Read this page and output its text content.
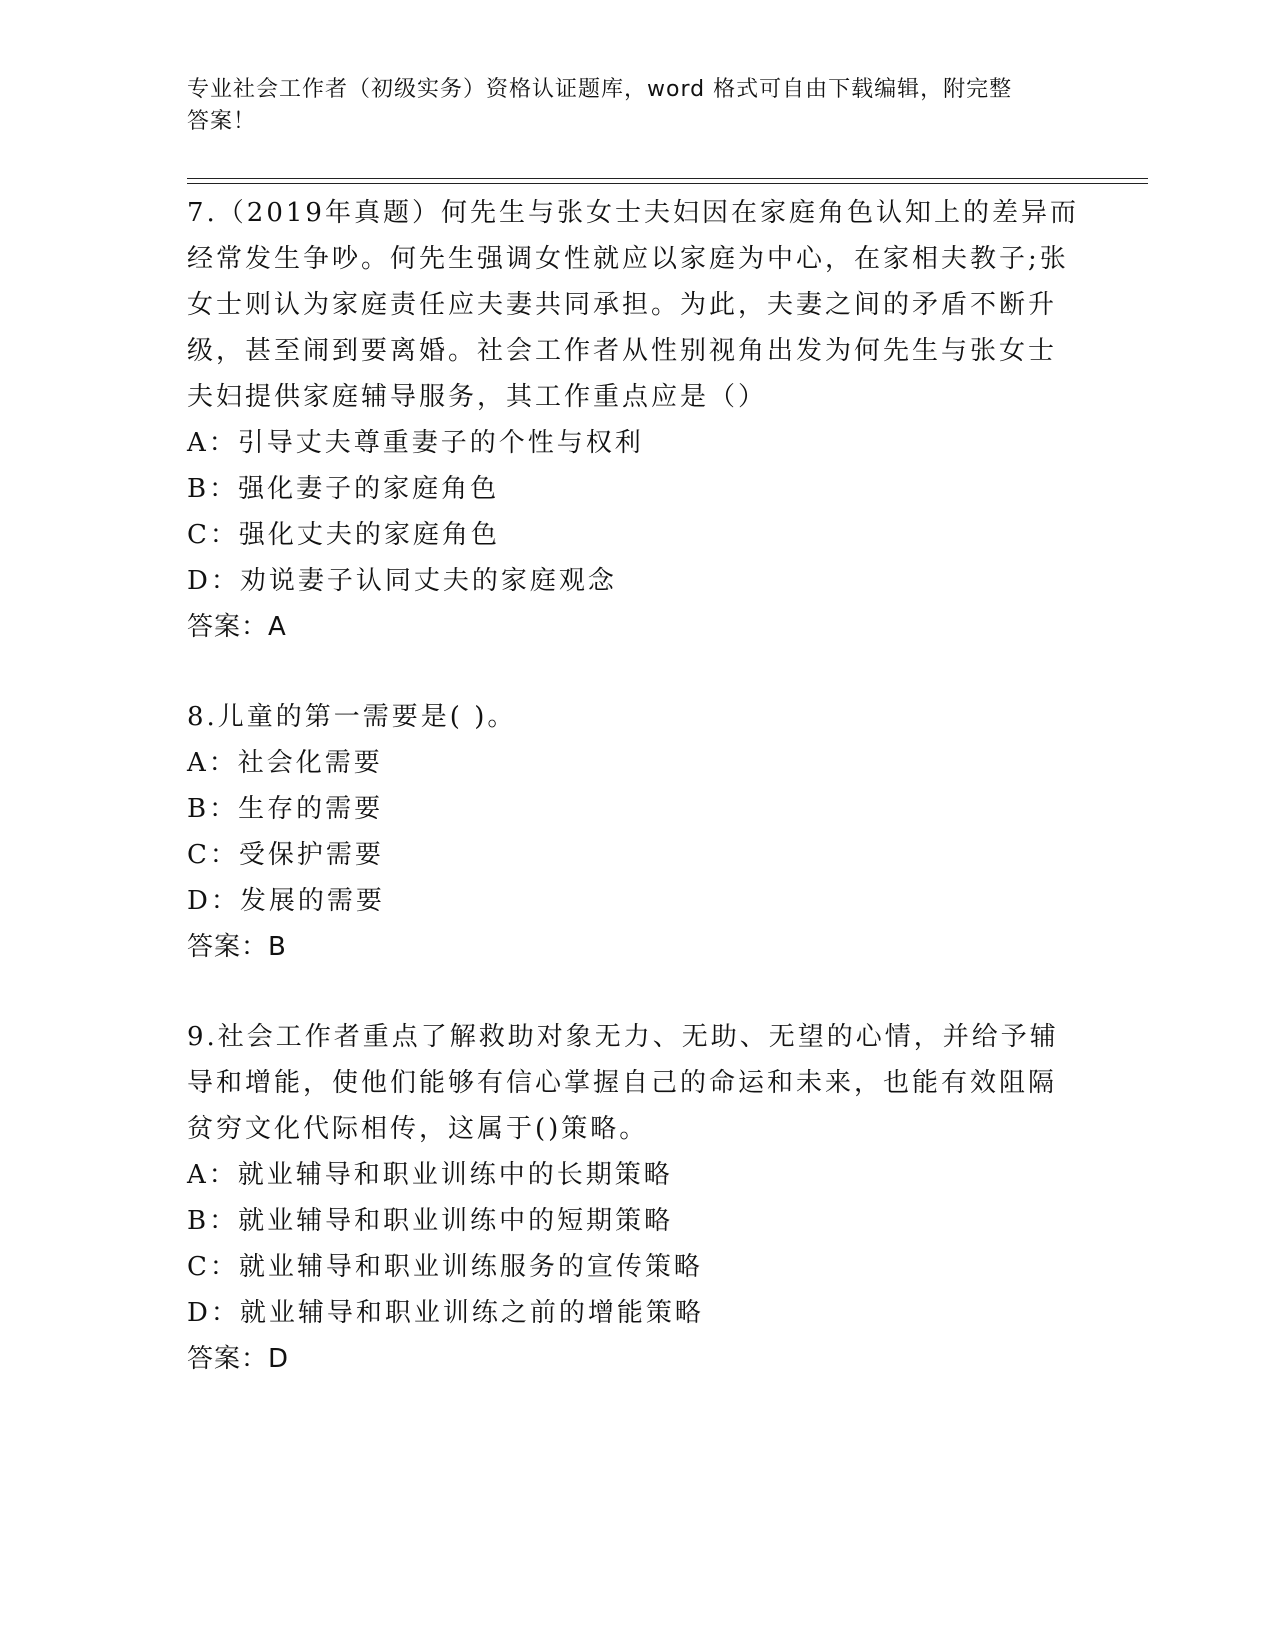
专业社会工作者（初级实务）资格认证题库，word 格式可自由下载编辑，附完整
答案！
7.（2019年真题）何先生与张女士夫妇因在家庭角色认知上的差异而
经常发生争吵。何先生强调女性就应以家庭为中心，在家相夫教子;张
女士则认为家庭责任应夫妻共同承担。为此，夫妻之间的矛盾不断升
级，甚至闹到要离婚。社会工作者从性别视角出发为何先生与张女士
夫妇提供家庭辅导服务，其工作重点应是（）
A：引导丈夫尊重妻子的个性与权利
B：强化妻子的家庭角色
C：强化丈夫的家庭角色
D：劝说妻子认同丈夫的家庭观念
答案：A
8.儿童的第一需要是( )。
A：社会化需要
B：生存的需要
C：受保护需要
D：发展的需要
答案：B
9.社会工作者重点了解救助对象无力、无助、无望的心情，并给予辅
导和增能，使他们能够有信心掌握自己的命运和未来，也能有效阻隔
贫穷文化代际相传，这属于()策略。
A：就业辅导和职业训练中的长期策略
B：就业辅导和职业训练中的短期策略
C：就业辅导和职业训练服务的宣传策略
D：就业辅导和职业训练之前的增能策略
答案：D
